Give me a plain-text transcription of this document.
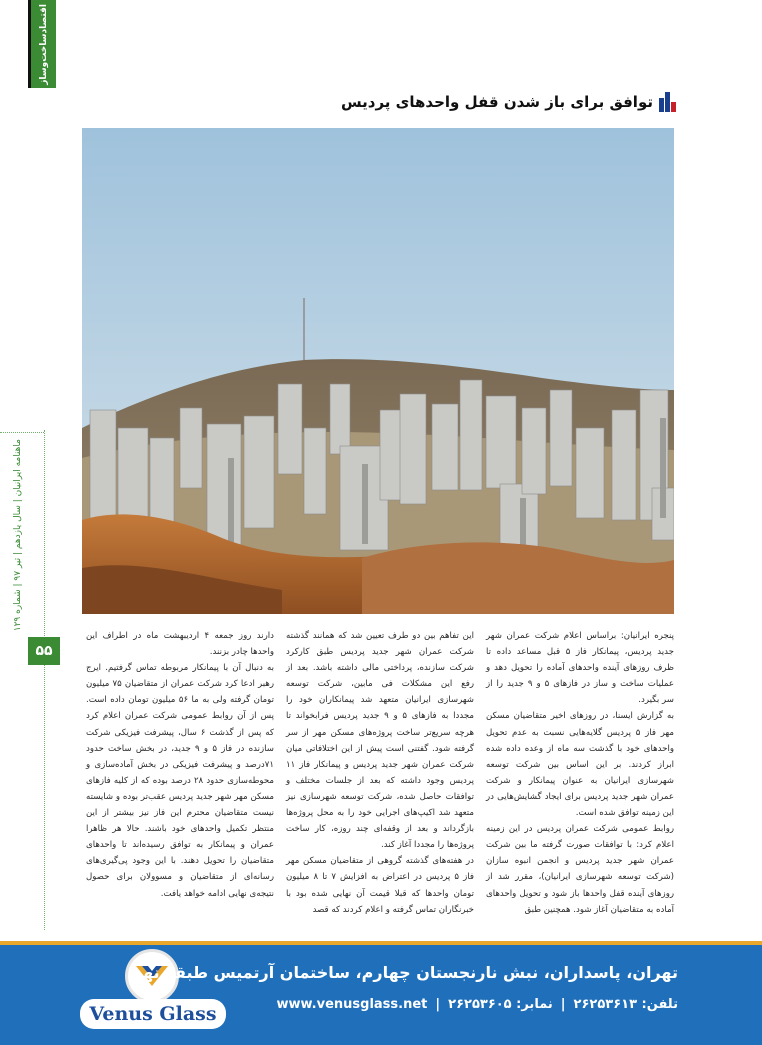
اقتصاد‌ساخت‌و‌ساز
ماهنامه ایرانیان | سال یازدهم | تیر ۹۷ | شماره ۱۲۹
۵۵
توافق برای باز شدن قفل واحدهای پردیس

پنجره ایرانیان: براساس اعلام شرکت عمران شهر جدید پردیس، پیمانکار فاز ۵ قبل مساعد داده تا ظرف روزهای آینده واحدهای آماده را تحویل دهد و عملیات ساخت و ساز در فازهای ۵ و ۹ جدید را از سر بگیرد.

به گزارش ایسنا، در روزهای اخیر متقاضیان مسکن مهر فاز ۵ پردیس گلایه‌هایی نسبت به عدم تحویل واحدهای خود با گذشت سه ماه از وعده داده شده ابراز کردند. بر این اساس بین شرکت توسعه شهرسازی ایرانیان به عنوان پیمانکار و شرکت عمران شهر جدید پردیس برای ایجاد گشایش‌هایی در این زمینه توافق شده است.

روابط عمومی شرکت عمران پردیس در این زمینه اعلام کرد: با توافقات صورت گرفته ما بین شرکت عمران شهر جدید پردیس و انجمن انبوه سازان (شرکت توسعه شهرسازی ایرانیان)، مقرر شد از روزهای آینده قفل واحدها باز شود و تحویل واحدهای آماده به متقاضیان آغاز شود. همچنین طبق

این تفاهم بین دو طرف تعیین شد که همانند گذشته شرکت عمران شهر جدید پردیس طبق کارکرد شرکت سازنده، پرداختی مالی داشته باشد. بعد از رفع این مشکلات فی مابین، شرکت توسعه شهرسازی ایرانیان متعهد شد پیمانکاران خود را مجددا به فازهای ۵ و ۹ جدید پردیس فرابخواند تا هرچه سریع‌تر ساخت پروژه‌های مسکن مهر از سر گرفته شود. گفتنی است پیش از این اختلافاتی میان شرکت عمران شهر جدید پردیس و پیمانکار فاز ۱۱ پردیس وجود داشته که بعد از جلسات مختلف و توافقات حاصل شده، شرکت توسعه شهرسازی نیز متعهد شد اکیپ‌های اجرایی خود را به محل پروژه‌ها بازگرداند و بعد از وقفه‌ای چند روزه، کار ساخت پروژه‌ها را مجددا آغاز کند.

در هفته‌های گذشته گروهی از متقاضیان مسکن مهر فاز ۵ پردیس در اعتراض به افزایش ۷ تا ۸ میلیون تومان واحدها که قبلا قیمت آن نهایی شده بود با خبرنگاران تماس گرفته و اعلام کردند که قصد

دارند روز جمعه ۴ اردیبهشت ماه در اطراف این واحدها چادر بزنند.

به دنبال آن با پیمانکار مربوطه تماس گرفتیم. ایرج رهبر ادعا کرد شرکت عمران از متقاضیان ۷۵ میلیون تومان گرفته ولی به ما ۵۶ میلیون تومان داده است. پس از آن روابط عمومی شرکت عمران اعلام کرد که پس از گذشت ۶ سال، پیشرفت فیزیکی شرکت سازنده در فاز ۵ و ۹ جدید، در بخش ساخت حدود ۷۱درصد و پیشرفت فیزیکی در بخش آماده‌سازی و محوطه‌سازی حدود ۲۸ درصد بوده که از کلیه فازهای مسکن مهر شهر جدید پردیس عقب‌تر بوده و شایسته نیست متقاضیان محترم این فاز نیز بیشتر از این منتظر تکمیل واحدهای خود باشند. حالا هر ظاهرا عمران و پیمانکار به توافق رسیده‌اند تا واحدهای متقاضیان را تحویل دهند. با این وجود پی‌گیری‌های رسانه‌ای از متقاضیان و مسوولان برای حصول نتیجه‌ی نهایی ادامه خواهد یافت.

Venus Glass
تهران، پاسداران، نبش نارنجستان چهارم، ساختمان آرتمیس طبقه نهم
تلفن: ۲۶۲۵۳۶۱۳
|
نمابر: ۲۶۲۵۳۶۰۵
|
www.venusglass.net
